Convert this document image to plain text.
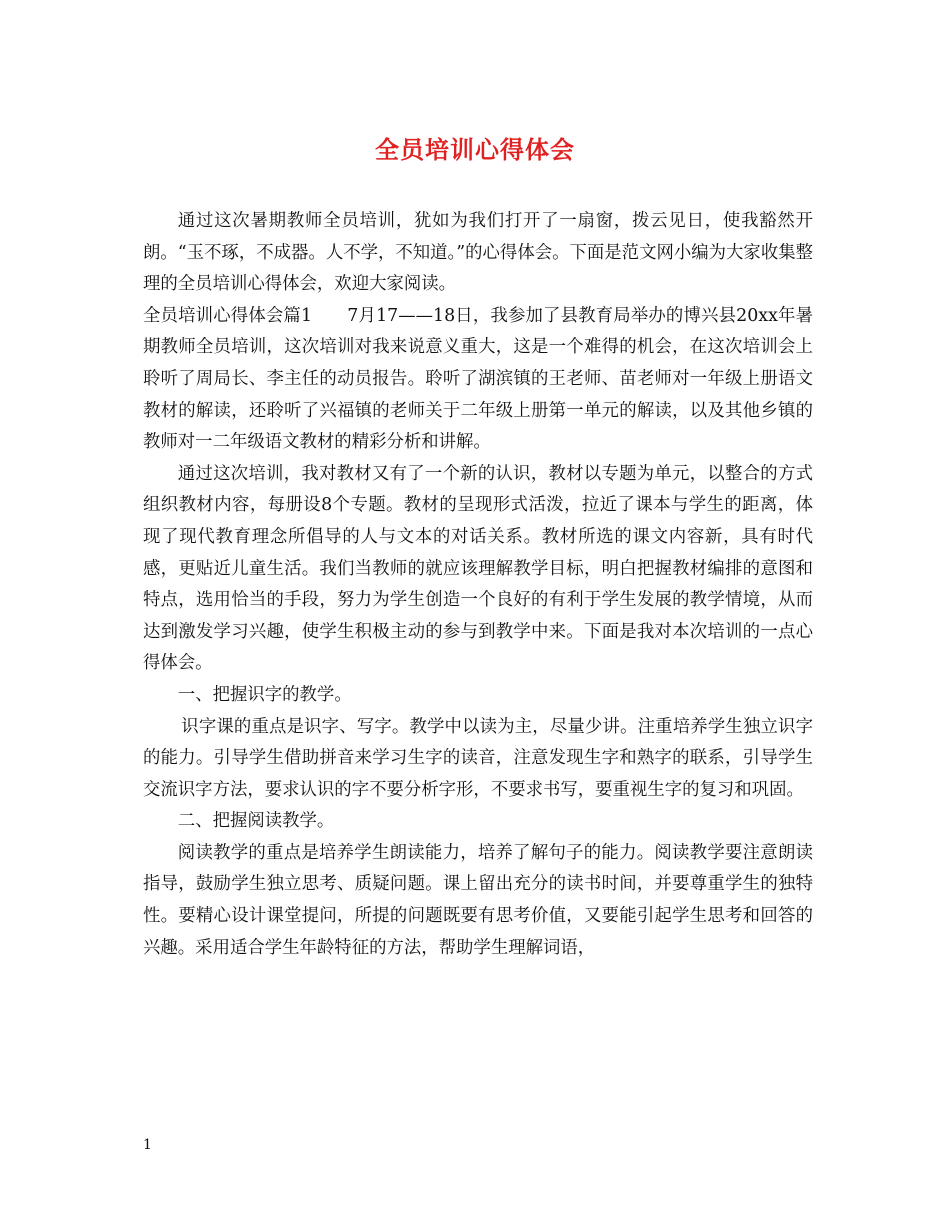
全员培训心得体会

通过这次暑期教师全员培训，犹如为我们打开了一扇窗，拨云见日，使我豁然开朗。“玉不琢，不成器。人不学，不知道。”的心得体会。下面是范文网小编为大家收集整理的全员培训心得体会，欢迎大家阅读。

全员培训心得体会篇1　　7月17——18日，我参加了县教育局举办的博兴县20xx年暑期教师全员培训，这次培训对我来说意义重大，这是一个难得的机会，在这次培训会上聆听了周局长、李主任的动员报告。聆听了湖滨镇的王老师、苗老师对一年级上册语文教材的解读，还聆听了兴福镇的老师关于二年级上册第一单元的解读，以及其他乡镇的教师对一二年级语文教材的精彩分析和讲解。

通过这次培训，我对教材又有了一个新的认识，教材以专题为单元，以整合的方式组织教材内容，每册设8个专题。教材的呈现形式活泼，拉近了课本与学生的距离，体现了现代教育理念所倡导的人与文本的对话关系。教材所选的课文内容新，具有时代感，更贴近儿童生活。我们当教师的就应该理解教学目标，明白把握教材编排的意图和特点，选用恰当的手段，努力为学生创造一个良好的有利于学生发展的教学情境，从而达到激发学习兴趣，使学生积极主动的参与到教学中来。下面是我对本次培训的一点心得体会。

一、把握识字的教学。

识字课的重点是识字、写字。教学中以读为主，尽量少讲。注重培养学生独立识字的能力。引导学生借助拼音来学习生字的读音，注意发现生字和熟字的联系，引导学生交流识字方法，要求认识的字不要分析字形，不要求书写，要重视生字的复习和巩固。

二、把握阅读教学。

阅读教学的重点是培养学生朗读能力，培养了解句子的能力。阅读教学要注意朗读指导，鼓励学生独立思考、质疑问题。课上留出充分的读书时间，并要尊重学生的独特性。要精心设计课堂提问，所提的问题既要有思考价值，又要能引起学生思考和回答的兴趣。采用适合学生年龄特征的方法，帮助学生理解词语，

1
